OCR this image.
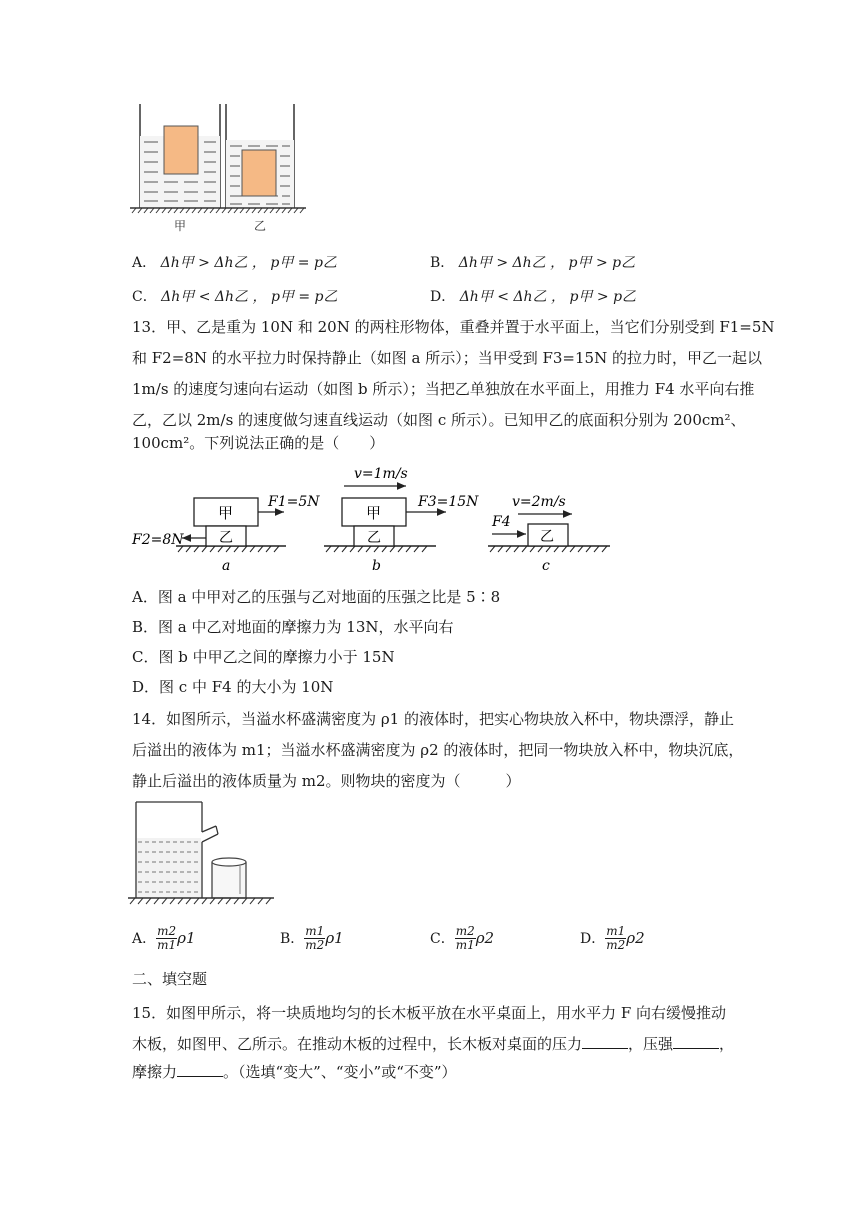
甲	乙
A． Δh甲 > Δh乙 ， p甲 = p乙	B． Δh甲 > Δh乙 ， p甲 > p乙
C． Δh甲 < Δh乙 ， p甲 = p乙	D． Δh甲 < Δh乙 ， p甲 > p乙
13．甲、乙是重为 10N 和 20N 的两柱形物体，重叠并置于水平面上，当它们分别受到 F1=5N
和 F2=8N 的水平拉力时保持静止（如图 a 所示）；当甲受到 F3=15N 的拉力时，甲乙一起以
1m/s 的速度匀速向右运动（如图 b 所示）；当把乙单独放在水平面上，用推力 F4 水平向右推
乙，乙以 2m/s 的速度做匀速直线运动（如图 c 所示）。已知甲乙的底面积分别为 200cm²、
100cm²。下列说法正确的是（　　）
甲
乙
F1=5N
F2=8N
a
甲
乙
v=1m/s
F3=15N
b
乙
v=2m/s
F4
c
A．图 a 中甲对乙的压强与乙对地面的压强之比是 5∶8
B．图 a 中乙对地面的摩擦力为 13N，水平向右
C．图 b 中甲乙之间的摩擦力小于 15N
D．图 c 中 F4 的大小为 10N
14．如图所示，当溢水杯盛满密度为 ρ1 的液体时，把实心物块放入杯中，物块漂浮，静止
后溢出的液体为 m1；当溢水杯盛满密度为 ρ2 的液体时，把同一物块放入杯中，物块沉底，
静止后溢出的液体质量为 m2。则物块的密度为（　　　）
A． $\frac{m2}{m1} \rho 1$	B． $\frac{m1}{m2} \rho 1$	C． $\frac{m2}{m1} \rho 2$	D． $\frac{m1}{m2} \rho 2$
二、填空题
15．如图甲所示，将一块质地均匀的长木板平放在水平桌面上，用水平力 F 向右缓慢推动
木板，如图甲、乙所示。在推动木板的过程中，长木板对桌面的压力	，压强	，
摩擦力	。（选填“变大”、“变小”或“不变”）
